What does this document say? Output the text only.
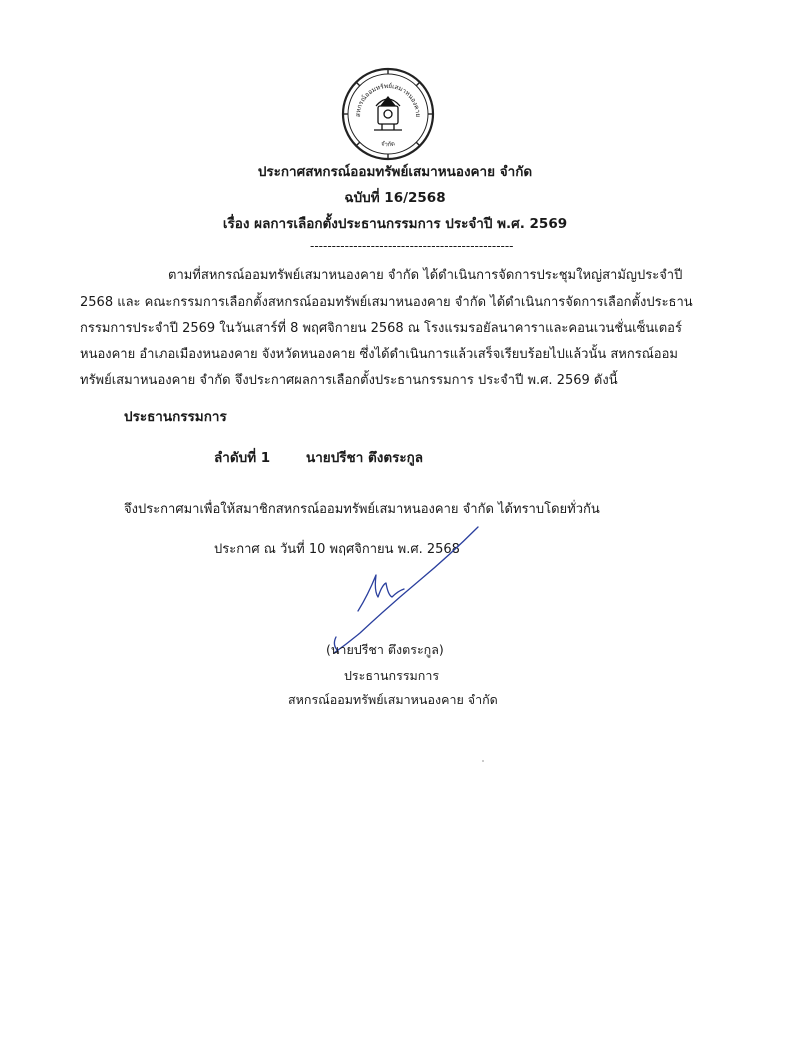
สหกรณ์ออมทรัพย์เสมาหนองคาย
จำกัด
ประกาศสหกรณ์ออมทรัพย์เสมาหนองคาย จำกัด
ฉบับที่ 16/2568
เรื่อง ผลการเลือกตั้งประธานกรรมการ ประจำปี พ.ศ. 2569
-----------------------------------------------
ตามที่สหกรณ์ออมทรัพย์เสมาหนองคาย จำกัด ได้ดำเนินการจัดการประชุมใหญ่สามัญประจำปี
2568 และ คณะกรรมการเลือกตั้งสหกรณ์ออมทรัพย์เสมาหนองคาย จำกัด ได้ดำเนินการจัดการเลือกตั้งประธาน
กรรมการประจำปี 2569 ในวันเสาร์ที่ 8 พฤศจิกายน 2568 ณ โรงแรมรอยัลนาคาราและคอนเวนชั่นเซ็นเตอร์
หนองคาย อำเภอเมืองหนองคาย จังหวัดหนองคาย ซึ่งได้ดำเนินการแล้วเสร็จเรียบร้อยไปแล้วนั้น สหกรณ์ออม
ทรัพย์เสมาหนองคาย จำกัด จึงประกาศผลการเลือกตั้งประธานกรรมการ ประจำปี พ.ศ. 2569 ดังนี้
ประธานกรรมการ
ลำดับที่ 1	นายปรีชา ตึงตระกูล
จึงประกาศมาเพื่อให้สมาชิกสหกรณ์ออมทรัพย์เสมาหนองคาย จำกัด ได้ทราบโดยทั่วกัน
ประกาศ ณ วันที่ 10 พฤศจิกายน พ.ศ. 2568
(นายปรีชา ตึงตระกูล)
ประธานกรรมการ
สหกรณ์ออมทรัพย์เสมาหนองคาย จำกัด
